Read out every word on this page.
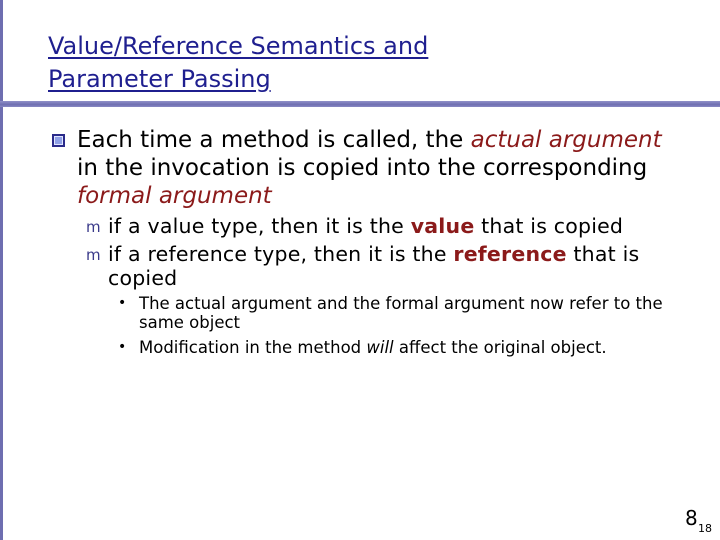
Value/Reference Semantics and
Parameter Passing
Each time a method is called, the actual argument in the invocation is copied into the corresponding formal argument
m if a value type, then it is the value that is copied
m if a reference type, then it is the reference that is copied
• The actual argument and the formal argument now refer to the same object
• Modification in the method will affect the original object.
8 18
